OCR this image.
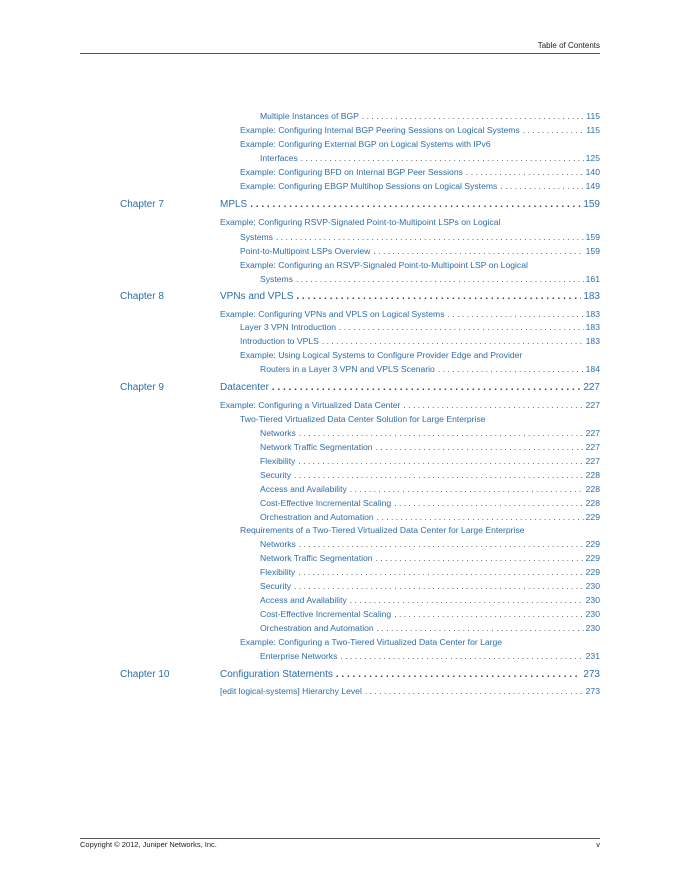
Table of Contents
Multiple Instances of BGP . . .	115
Example: Configuring Internal BGP Peering Sessions on Logical Systems . . .	115
Example: Configuring External BGP on Logical Systems with IPv6
Interfaces . . .	125
Example: Configuring BFD on Internal BGP Peer Sessions . . .	140
Example: Configuring EBGP Multihop Sessions on Logical Systems . . .	149
Chapter 7	MPLS . . .	159
Example: Configuring RSVP-Signaled Point-to-Multipoint LSPs on Logical
Systems . . .	159
Point-to-Multipoint LSPs Overview . . .	159
Example: Configuring an RSVP-Signaled Point-to-Multipoint LSP on Logical
Systems . . .	161
Chapter 8	VPNs and VPLS . . .	183
Example: Configuring VPNs and VPLS on Logical Systems . . .	183
Layer 3 VPN Introduction . . .	183
Introduction to VPLS . . .	183
Example: Using Logical Systems to Configure Provider Edge and Provider
Routers in a Layer 3 VPN and VPLS Scenario . . .	184
Chapter 9	Datacenter . . .	227
Example: Configuring a Virtualized Data Center . . .	227
Two-Tiered Virtualized Data Center Solution for Large Enterprise
Networks . . .	227
Network Traffic Segmentation . . .	227
Flexibility . . .	227
Security . . .	228
Access and Availability . . .	228
Cost-Effective Incremental Scaling . . .	228
Orchestration and Automation . . .	229
Requirements of a Two-Tiered Virtualized Data Center for Large Enterprise
Networks . . .	229
Network Traffic Segmentation . . .	229
Flexibility . . .	229
Security . . .	230
Access and Availability . . .	230
Cost-Effective Incremental Scaling . . .	230
Orchestration and Automation . . .	230
Example: Configuring a Two-Tiered Virtualized Data Center for Large
Enterprise Networks . . .	231
Chapter 10	Configuration Statements . . .	273
[edit logical-systems] Hierarchy Level . . .	273
Copyright © 2012, Juniper Networks, Inc.	v
